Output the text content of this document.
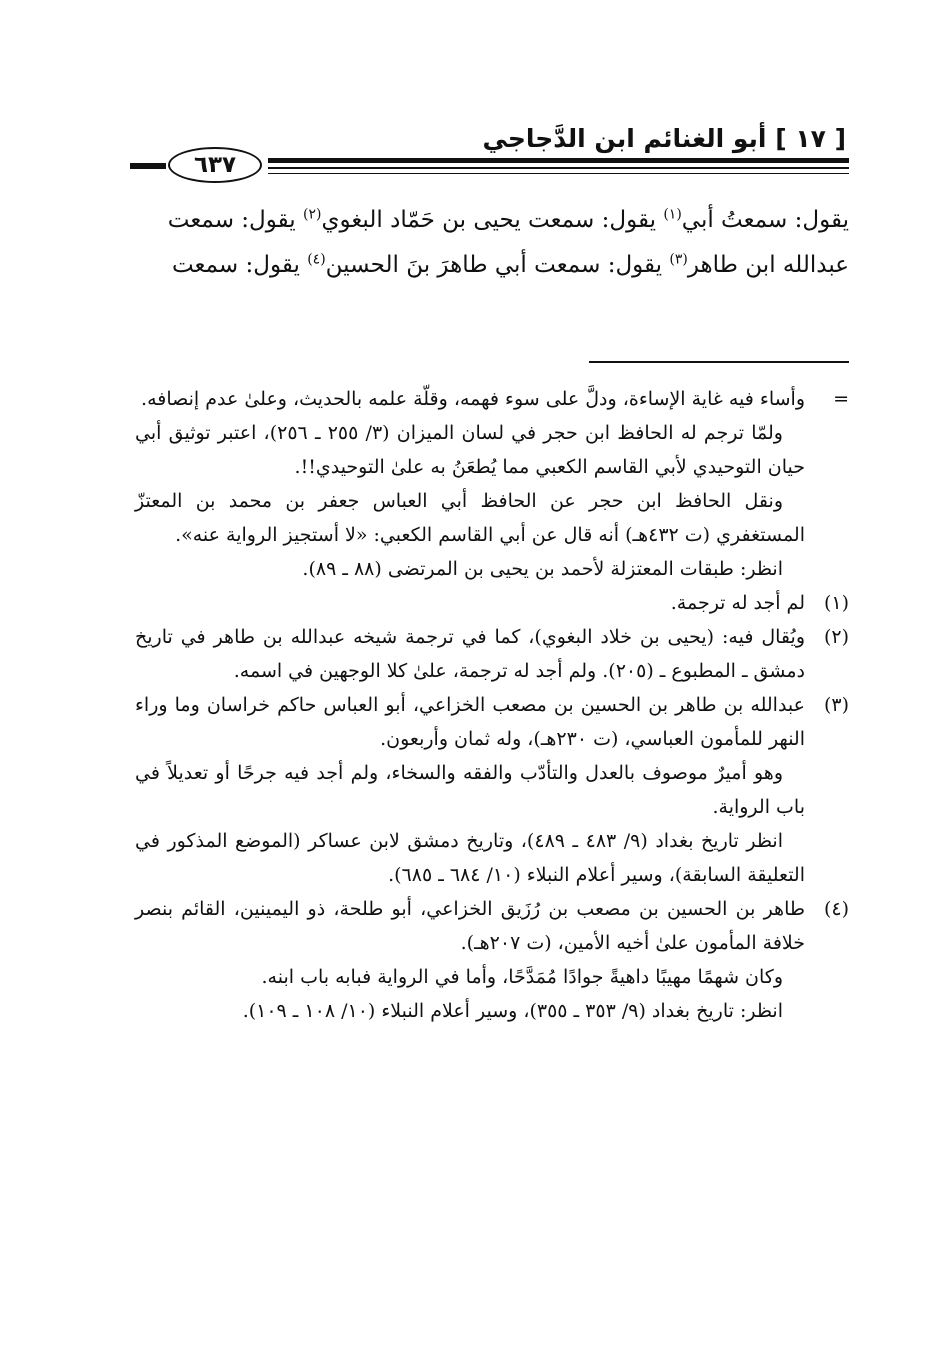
[ ١٧ ] أبو الغنائم ابن الدَّجاجي
٦٣٧

يقول: سمعتُ أبي$^{(١)}$ يقول: سمعت يحيى بن حَمّاد البغوي$^{(٢)}$ يقول: سمعت

عبدالله ابن طاهر$^{(٣)}$ يقول: سمعت أبي طاهرَ بنَ الحسين$^{(٤)}$ يقول: سمعت

=

وأساء فيه غاية الإساءة، ودلَّ على سوء فهمه، وقلّة علمه بالحديث، وعلىٰ عدم إنصافه.

ولمّا ترجم له الحافظ ابن حجر في لسان الميزان (٣/ ٢٥٥ ـ ٢٥٦)، اعتبر توثيق أبي حيان التوحيدي لأبي القاسم الكعبي مما يُطعَنُ به علىٰ التوحيدي!!.

ونقل الحافظ ابن حجر عن الحافظ أبي العباس جعفر بن محمد بن المعتزّ المستغفري (ت ٤٣٢هـ) أنه قال عن أبي القاسم الكعبي: «لا أستجيز الرواية عنه».

انظر: طبقات المعتزلة لأحمد بن يحيى بن المرتضى (٨٨ ـ ٨٩).

(١)

لم أجد له ترجمة.

(٢)

ويُقال فيه: (يحيى بن خلاد البغوي)، كما في ترجمة شيخه عبدالله بن طاهر في تاريخ دمشق ـ المطبوع ـ (٢٠٥). ولم أجد له ترجمة، علىٰ كلا الوجهين في اسمه.

(٣)

عبدالله بن طاهر بن الحسين بن مصعب الخزاعي، أبو العباس حاكم خراسان وما وراء النهر للمأمون العباسي، (ت ٢٣٠هـ)، وله ثمان وأربعون.

وهو أميرٌ موصوف بالعدل والتأدّب والفقه والسخاء، ولم أجد فيه جرحًا أو تعديلاً في باب الرواية.

انظر تاريخ بغداد (٩/ ٤٨٣ ـ ٤٨٩)، وتاريخ دمشق لابن عساكر (الموضع المذكور في التعليقة السابقة)، وسير أعلام النبلاء (١٠/ ٦٨٤ ـ ٦٨٥).

(٤)

طاهر بن الحسين بن مصعب بن رُزَيق الخزاعي، أبو طلحة، ذو اليمينين، القائم بنصر خلافة المأمون علىٰ أخيه الأمين، (ت ٢٠٧هـ).

وكان شهمًا مهيبًا داهيةً جوادًا مُمَدَّحًا، وأما في الرواية فبابه باب ابنه.

انظر: تاريخ بغداد (٩/ ٣٥٣ ـ ٣٥٥)، وسير أعلام النبلاء (١٠/ ١٠٨ ـ ١٠٩).
